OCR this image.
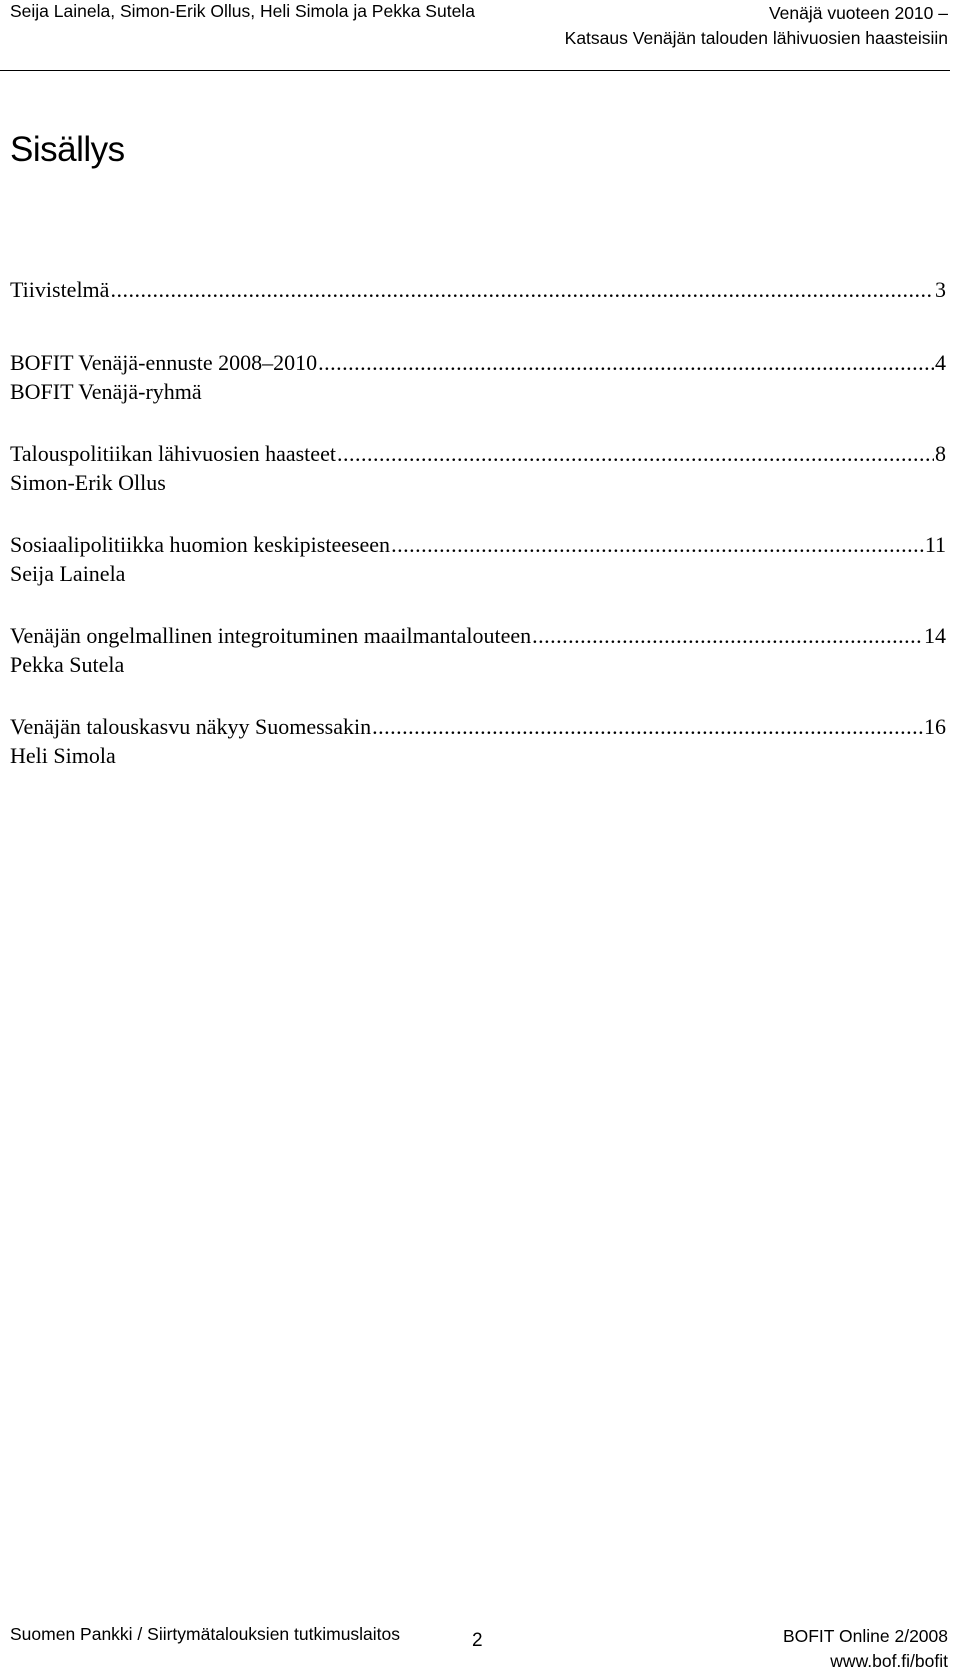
Seija Lainela, Simon-Erik Ollus, Heli Simola ja Pekka Sutela	Venäjä vuoteen 2010 –
Katsaus Venäjän talouden lähivuosien haasteisiin
Sisällys
Tiivistelmä .....	3
BOFIT Venäjä-ennuste 2008–2010 .....	4
BOFIT Venäjä-ryhmä
Talouspolitiikan lähivuosien haasteet .....	8
Simon-Erik Ollus
Sosiaalipolitiikka huomion keskipisteeseen .....	11
Seija Lainela
Venäjän ongelmallinen integroituminen maailmantalouteen .....	14
Pekka Sutela
Venäjän talouskasvu näkyy Suomessakin .....	16
Heli Simola
Suomen Pankki / Siirtymätalouksien tutkimuslaitos	2	BOFIT Online 2/2008
www.bof.fi/bofit
